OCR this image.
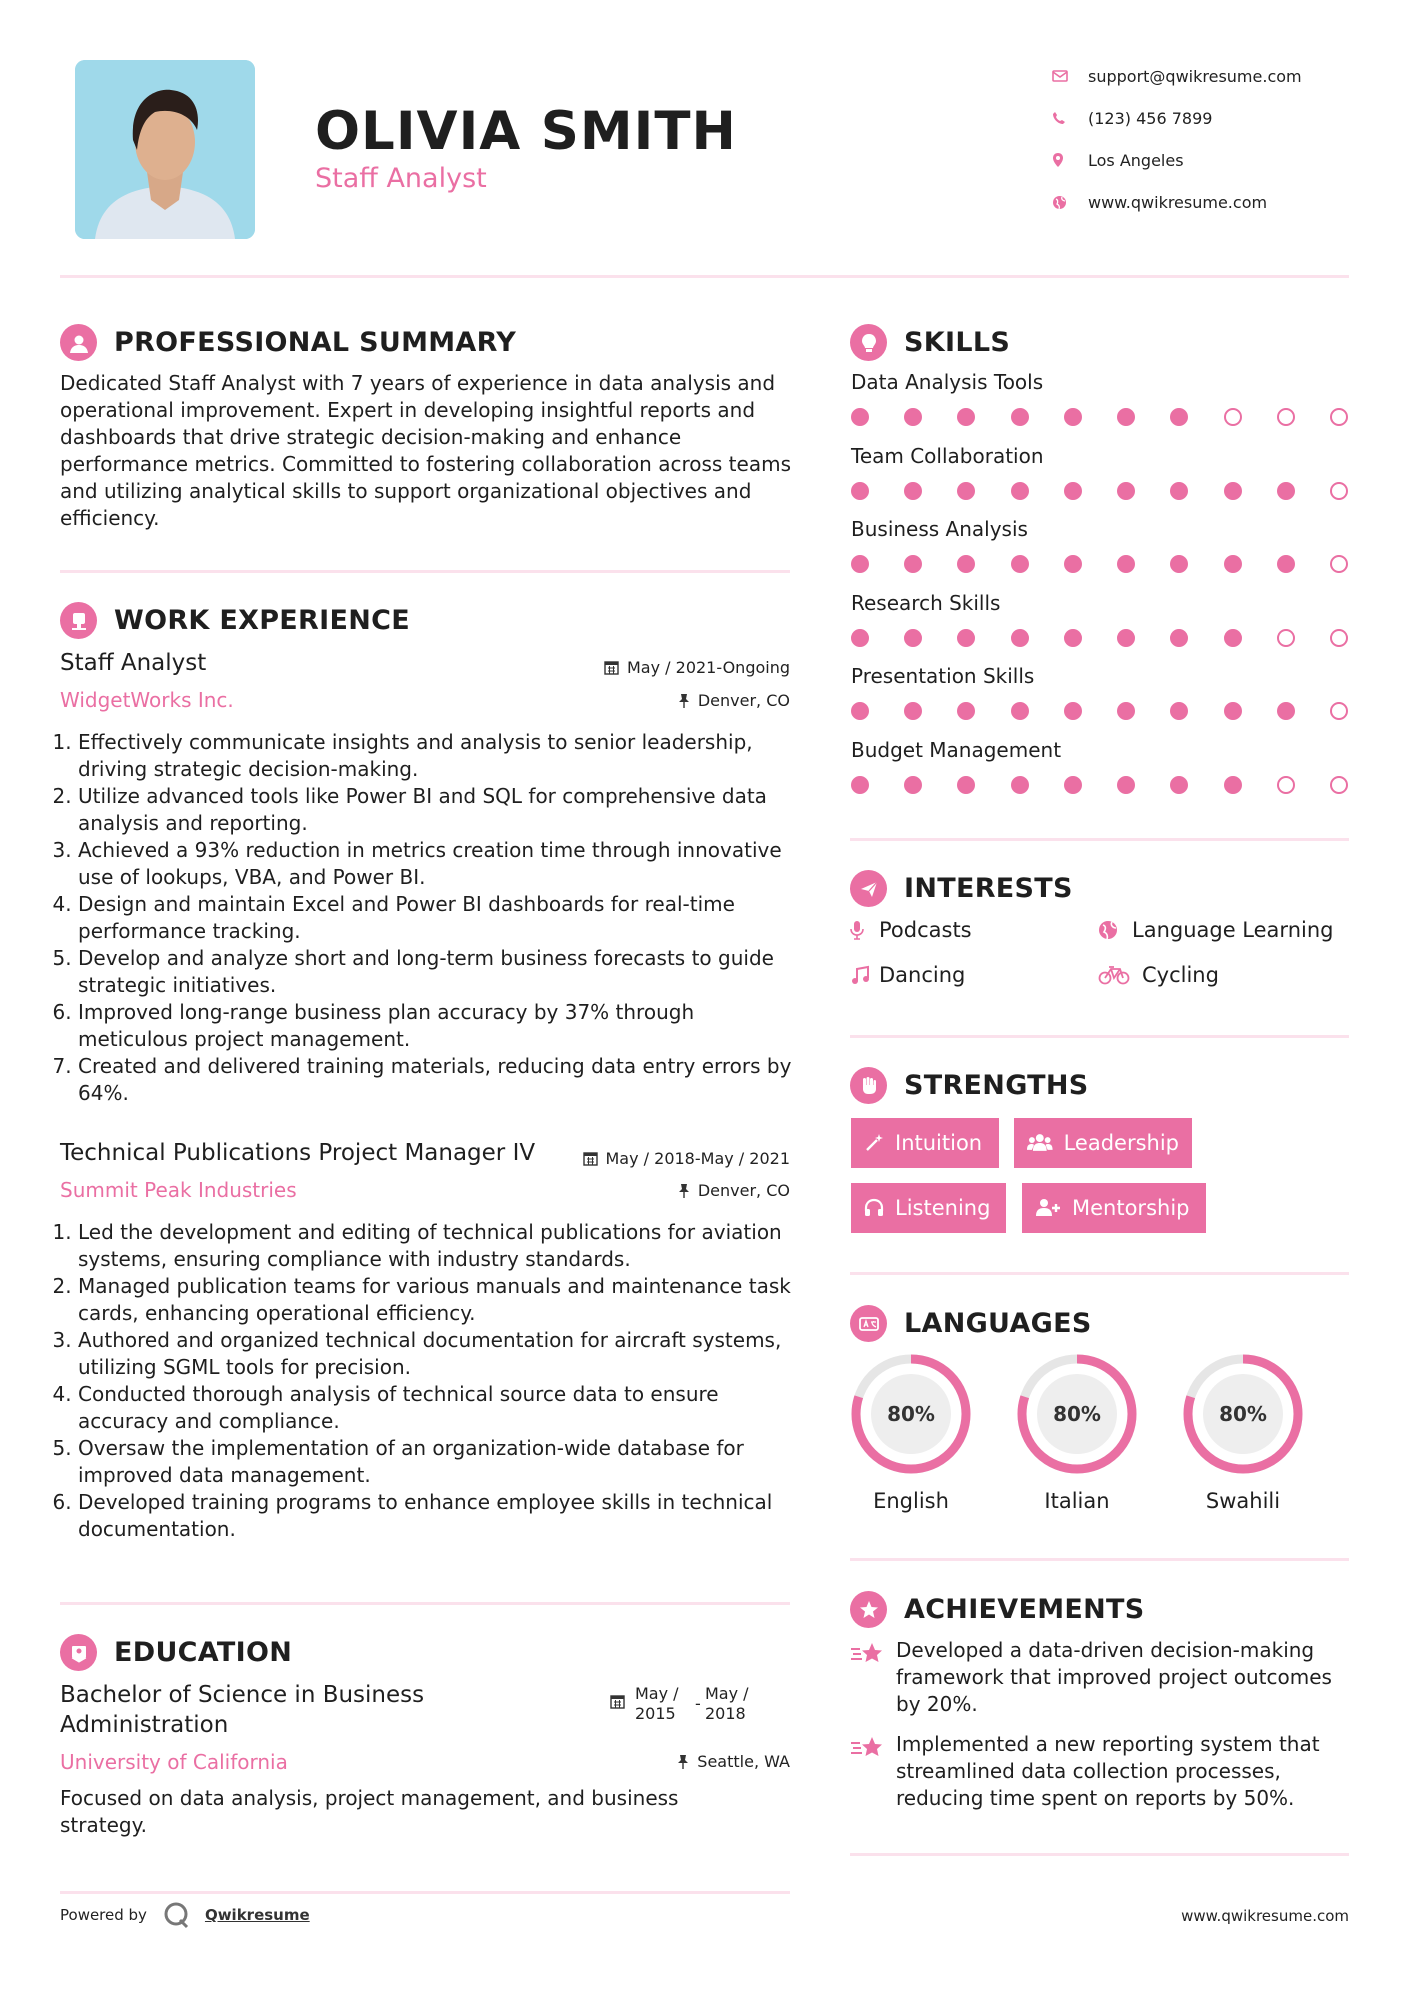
OLIVIA SMITH
Staff Analyst
support@qwikresume.com
(123) 456 7899
Los Angeles
www.qwikresume.com
PROFESSIONAL SUMMARY
Dedicated Staff Analyst with 7 years of experience in data analysis and operational improvement. Expert in developing insightful reports and dashboards that drive strategic decision-making and enhance performance metrics. Committed to fostering collaboration across teams and utilizing analytical skills to support organizational objectives and efficiency.
WORK EXPERIENCE
Staff Analyst	May / 2021-Ongoing
WidgetWorks Inc.	Denver, CO
1. Effectively communicate insights and analysis to senior leadership, driving strategic decision-making.
2. Utilize advanced tools like Power BI and SQL for comprehensive data analysis and reporting.
3. Achieved a 93% reduction in metrics creation time through innovative use of lookups, VBA, and Power BI.
4. Design and maintain Excel and Power BI dashboards for real-time performance tracking.
5. Develop and analyze short and long-term business forecasts to guide strategic initiatives.
6. Improved long-range business plan accuracy by 37% through meticulous project management.
7. Created and delivered training materials, reducing data entry errors by 64%.
Technical Publications Project Manager IV	May / 2018-May / 2021
Summit Peak Industries	Denver, CO
1. Led the development and editing of technical publications for aviation systems, ensuring compliance with industry standards.
2. Managed publication teams for various manuals and maintenance task cards, enhancing operational efficiency.
3. Authored and organized technical documentation for aircraft systems, utilizing SGML tools for precision.
4. Conducted thorough analysis of technical source data to ensure accuracy and compliance.
5. Oversaw the implementation of an organization-wide database for improved data management.
6. Developed training programs to enhance employee skills in technical documentation.
EDUCATION
Bachelor of Science in Business Administration
May / 2015
-
May / 2018
University of California	Seattle, WA
Focused on data analysis, project management, and business strategy.
Powered by	Qwikresume	www.qwikresume.com
SKILLS
Data Analysis Tools
Team Collaboration
Business Analysis
Research Skills
Presentation Skills
Budget Management
INTERESTS
Podcasts	Language Learning
Dancing	Cycling
STRENGTHS
Intuition	Leadership
Listening	Mentorship
LANGUAGES
80%
English
80%
Italian
80%
Swahili
ACHIEVEMENTS
Developed a data-driven decision-making framework that improved project outcomes by 20%.
Implemented a new reporting system that streamlined data collection processes, reducing time spent on reports by 50%.
